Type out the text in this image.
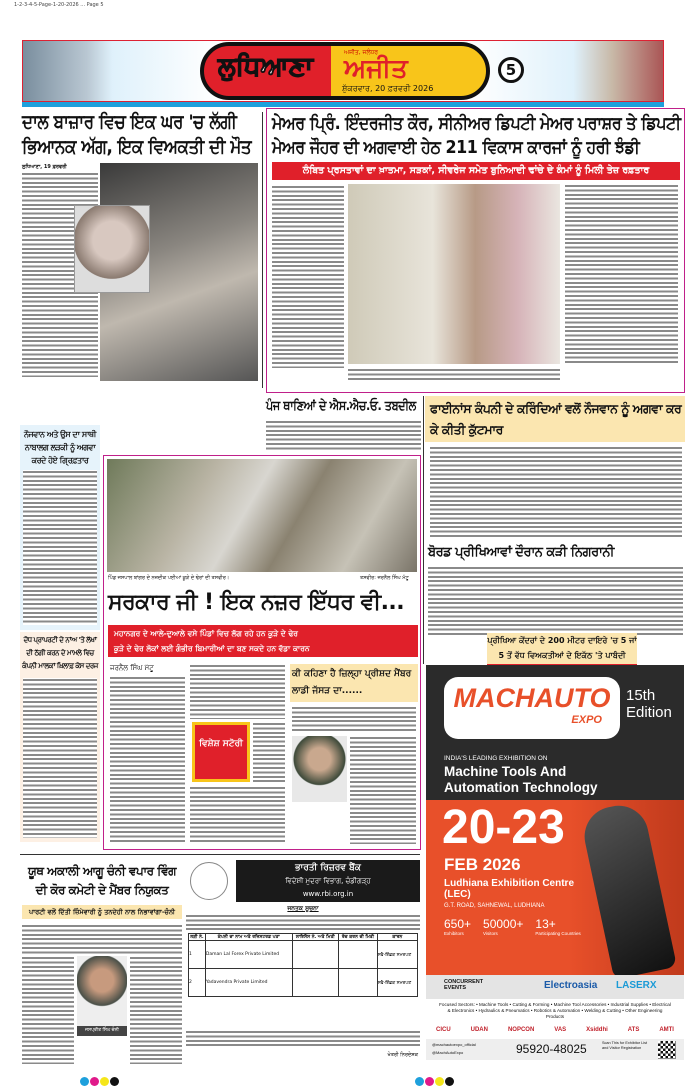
1-2-3-4-5-Page-1-20-2026 ... Page 5
ਲੁਧਿਆਣਾ	ਅਜੀਤ, ਜਲੰਧਰ
ਅਜੀਤ
ਸ਼ੁੱਕਰਵਾਰ, 20 ਫ਼ਰਵਰੀ 2026
5
ਲੁਧਿਆਣਾ, 19 ਫ਼ਰਵਰੀ
ਦਾਲ ਬਾਜ਼ਾਰ ਵਿਚ ਇਕ ਘਰ 'ਚ ਲੱਗੀ ਭਿਆਨਕ ਅੱਗ, ਇਕ ਵਿਅਕਤੀ ਦੀ ਮੌਤ
ਲੰਬਿਤ ਪ੍ਰਸਤਾਵਾਂ ਦਾ ਖ਼ਾਤਮਾ, ਸੜਕਾਂ, ਸੀਵਰੇਜ ਸਮੇਤ ਬੁਨਿਆਦੀ ਢਾਂਚੇ ਦੇ ਕੰਮਾਂ ਨੂੰ ਮਿਲੀ ਤੇਜ਼ ਰਫ਼ਤਾਰ
ਮੇਅਰ ਪ੍ਰਿੰ. ਇੰਦਰਜੀਤ ਕੌਰ, ਸੀਨੀਅਰ ਡਿਪਟੀ ਮੇਅਰ ਪਰਾਸ਼ਰ ਤੇ ਡਿਪਟੀ ਮੇਅਰ ਜੌਹਰ ਦੀ ਅਗਵਾਈ ਹੇਠ 211 ਵਿਕਾਸ ਕਾਰਜਾਂ ਨੂੰ ਹਰੀ ਝੰਡੀ
ਪੰਜ ਥਾਣਿਆਂ ਦੇ ਐਸ.ਐਚ.ਓ. ਤਬਦੀਲ	ਫਾਈਨਾਂਸ ਕੰਪਨੀ ਦੇ ਕਰਿੰਦਿਆਂ ਵਲੋਂ ਨੌਜਵਾਨ ਨੂੰ ਅਗਵਾ ਕਰ ਕੇ ਕੀਤੀ ਕੁੱਟਮਾਰ
ਬੋਰਡ ਪ੍ਰੀਖਿਆਵਾਂ ਦੌਰਾਨ ਕੜੀ ਨਿਗਰਾਨੀ
ਪ੍ਰੀਖਿਆ ਕੇਂਦਰਾਂ ਦੇ 200 ਮੀਟਰ ਦਾਇਰੇ 'ਚ 5 ਜਾਂ 5 ਤੋਂ ਵੱਧ ਵਿਅਕਤੀਆਂ ਦੇ ਇਕੱਠ 'ਤੇ ਪਾਬੰਦੀ
ਨੌਜਵਾਨ ਅਤੇ ਉਸ ਦਾ ਸਾਥੀ ਨਾਬਾਲਗ ਲੜਕੀ ਨੂੰ ਅਗਵਾ ਕਰਦੇ ਹੋਏ ਗ੍ਰਿਫ਼ਤਾਰ
ਦੋਧ ਪ੍ਰਾਪਰਟੀ ਦੇ ਨਾਂਅ 'ਤੇ ਲੱਖਾਂ ਦੀ ਠੱਗੀ ਕਰਨ ਦੇ ਮਾਮਲੇ ਵਿਚ ਕੰਪਨੀ ਮਾਲਕਾਂ ਖ਼ਿਲਾਫ਼ ਕੇਸ ਦਰਜ
ਪਿੰਡ ਜਸਪਾਲ ਬਾਂਗਰ ਦੇ ਨਜ਼ਦੀਕ ਪਈਆਂ ਕੂੜੇ ਦੇ ਢੇਰਾਂ ਦੀ ਤਸਵੀਰ।	ਤਸਵੀਰ: ਜਰਨੈਲ ਸਿੰਘ ਮੱਟੂ
ਸਰਕਾਰ ਜੀ ! ਇਕ ਨਜ਼ਰ ਇੱਧਰ ਵੀ...
ਮਹਾਨਗਰ ਦੇ ਆਲੇ-ਦੁਆਲੇ ਵਸੇ ਪਿੰਡਾਂ ਵਿਚ ਲੱਗ ਰਹੇ ਹਨ ਕੂੜੇ ਦੇ ਢੇਰ
ਕੂੜੇ ਦੇ ਢੇਰ ਲੋਕਾਂ ਲਈ ਗੰਭੀਰ ਬਿਮਾਰੀਆਂ ਦਾ ਬਣ ਸਕਦੇ ਹਨ ਵੱਡਾ ਕਾਰਨ
ਜਰਨੈਲ ਸਿੰਘ ਮੱਟੂ
ਵਿਸ਼ੇਸ਼ ਸਟੋਰੀ
ਕੀ ਕਹਿਣਾ ਹੈ ਜ਼ਿਲ੍ਹਾ ਪ੍ਰੀਸ਼ਦ ਮੈਂਬਰ ਲਾਡੀ ਜੱਸੜ ਦਾ......
ਯੂਥ ਅਕਾਲੀ ਆਗੂ ਚੰਨੀ ਵਪਾਰ ਵਿੰਗ ਦੀ ਕੋਰ ਕਮੇਟੀ ਦੇ ਮੈਂਬਰ ਨਿਯੁਕਤ
ਪਾਰਟੀ ਵਲੋਂ ਦਿੱਤੀ ਜ਼ਿੰਮੇਵਾਰੀ ਨੂੰ ਤਨਦੇਹੀ ਨਾਲ ਨਿਭਾਵਾਂਗਾ-ਚੰਨੀ
ਜਸਪ੍ਰੀਤ ਸਿੰਘ ਚੰਨੀ
ਭਾਰਤੀ ਰਿਜ਼ਰਵ ਬੈਂਕ
ਵਿਦੇਸ਼ੀ ਮੁਦਰਾ ਵਿਭਾਗ, ਚੰਡੀਗੜ੍ਹ
www.rbi.org.in
ਜਨਤਕ ਸੂਚਨਾ
ਲੜੀ ਨੰ.	ਕੰਪਨੀ ਦਾ ਨਾਮ ਅਤੇ ਰਜਿਸਟਰਡ ਪਤਾ	ਲਾਇਸੈਂਸ ਨੰ. ਅਤੇ ਮਿਤੀ	ਰੱਦ ਕਰਨ ਦੀ ਮਿਤੀ	ਕਾਰਨ
1	Daman Lal Forex Private Limited			ਸਵੈ-ਇੱਛਕ ਸਮਰਪਣ
2	Yadavendra Private Limited			ਸਵੈ-ਇੱਛਕ ਸਮਰਪਣ
ਖੇਤਰੀ ਨਿਰਦੇਸ਼ਕ
MACHAUTO
EXPO
15th Edition
INDIA'S LEADING EXHIBITION ON
Machine Tools And Automation Technology
20-23
FEB 2026
Ludhiana Exhibition Centre (LEC)
G.T. ROAD, SAHNEWAL, LUDHIANA
650+
Exhibitors
50000+
Visitors
13+
Participating Countries
CONCURRENT EVENTS	Electroasia LASERX
Focused Sectors: • Machine Tools • Cutting & Forming • Machine Tool Accessories • Industrial Supplies • Electrical & Electronics • Hydraulics & Pneumatics • Robotics & Automation • Welding & Cutting • Other Engineering Products
CICU	UDAN	NOPCON	VAS	Xsiddhi	ATS	AMTI
@machautoexpo_official
@MachAutoExpo	95920-48025	Scan This for Exhibitor List and Visitor Registration
